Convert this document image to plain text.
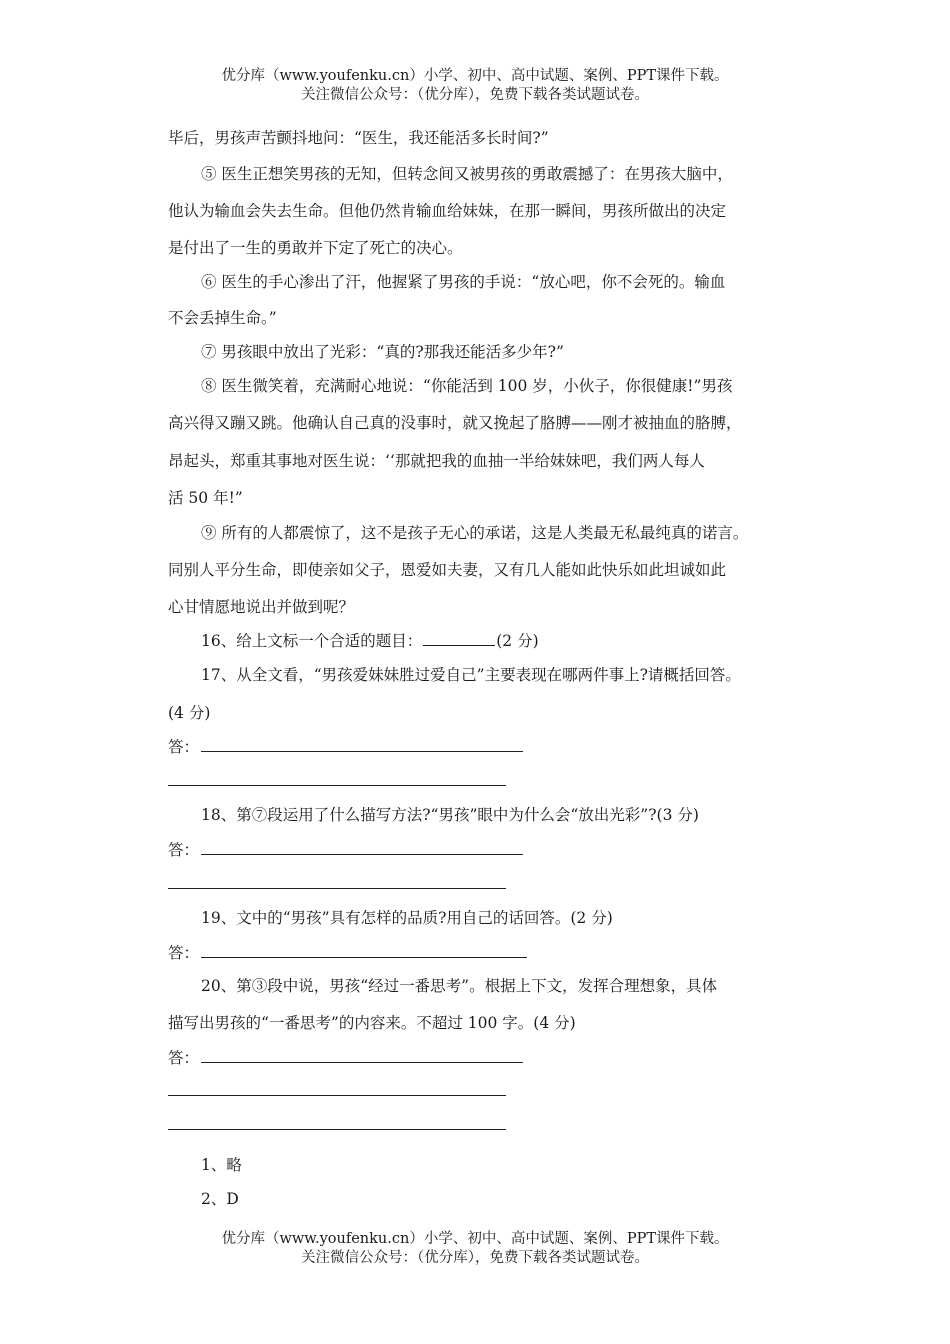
优分库（www.youfenku.cn）小学、初中、高中试题、案例、PPT课件下载。
关注微信公众号：（优分库），免费下载各类试题试卷。
毕后，男孩声苦颤抖地问：“医生，我还能活多长时间?”
⑤ 医生正想笑男孩的无知，但转念间又被男孩的勇敢震撼了：在男孩大脑中，
他认为输血会失去生命。但他仍然肯输血给妹妹，在那一瞬间，男孩所做出的决定
是付出了一生的勇敢并下定了死亡的决心。
⑥ 医生的手心渗出了汗，他握紧了男孩的手说：“放心吧，你不会死的。输血
不会丢掉生命。”
⑦ 男孩眼中放出了光彩：“真的?那我还能活多少年?”
⑧ 医生微笑着，充满耐心地说：“你能活到 100 岁，小伙子，你很健康!”男孩
高兴得又蹦又跳。他确认自己真的没事时，就又挽起了胳膊——刚才被抽血的胳膊，
昂起头，郑重其事地对医生说：‘‘那就把我的血抽一半给妹妹吧，我们两人每人
活 50 年!”
⑨ 所有的人都震惊了，这不是孩子无心的承诺，这是人类最无私最纯真的诺言。
同别人平分生命，即使亲如父子，恩爱如夫妻，又有几人能如此快乐如此坦诚如此
心甘情愿地说出并做到呢？
16、给上文标一个合适的题目：	(2 分)
17、从全文看，“男孩爱妹妹胜过爱自己”主要表现在哪两件事上?请概括回答。
(4 分)
答：
18、第⑦段运用了什么描写方法?“男孩”眼中为什么会“放出光彩”?(3 分)
答：
19、文中的“男孩”具有怎样的品质?用自己的话回答。(2 分)
答：
20、第③段中说，男孩“经过一番思考”。根据上下文，发挥合理想象，具体
描写出男孩的“一番思考”的内容来。不超过 100 字。(4 分)
答：
1、略
2、D
优分库（www.youfenku.cn）小学、初中、高中试题、案例、PPT课件下载。
关注微信公众号：（优分库），免费下载各类试题试卷。
